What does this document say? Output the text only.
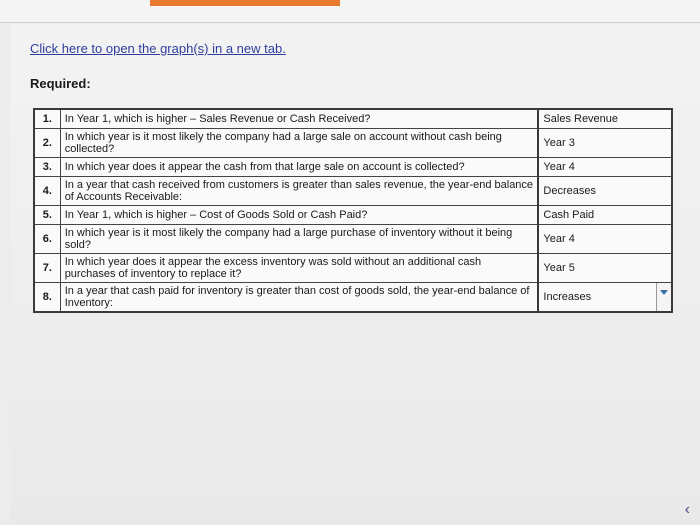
Click here to open the graph(s) in a new tab.
Required:
1.	In Year 1, which is higher – Sales Revenue or Cash Received?	Sales Revenue
2.	In which year is it most likely the company had a large sale on account without cash being collected?	Year 3
3.	In which year does it appear the cash from that large sale on account is collected?	Year 4
4.	In a year that cash received from customers is greater than sales revenue, the year-end balance of Accounts Receivable:	Decreases
5.	In Year 1, which is higher – Cost of Goods Sold or Cash Paid?	Cash Paid
6.	In which year is it most likely the company had a large purchase of inventory without it being sold?	Year 4
7.	In which year does it appear the excess inventory was sold without an additional cash purchases of inventory to replace it?	Year 5
8.	In a year that cash paid for inventory is greater than cost of goods sold, the year-end balance of Inventory:	Increases
‹
